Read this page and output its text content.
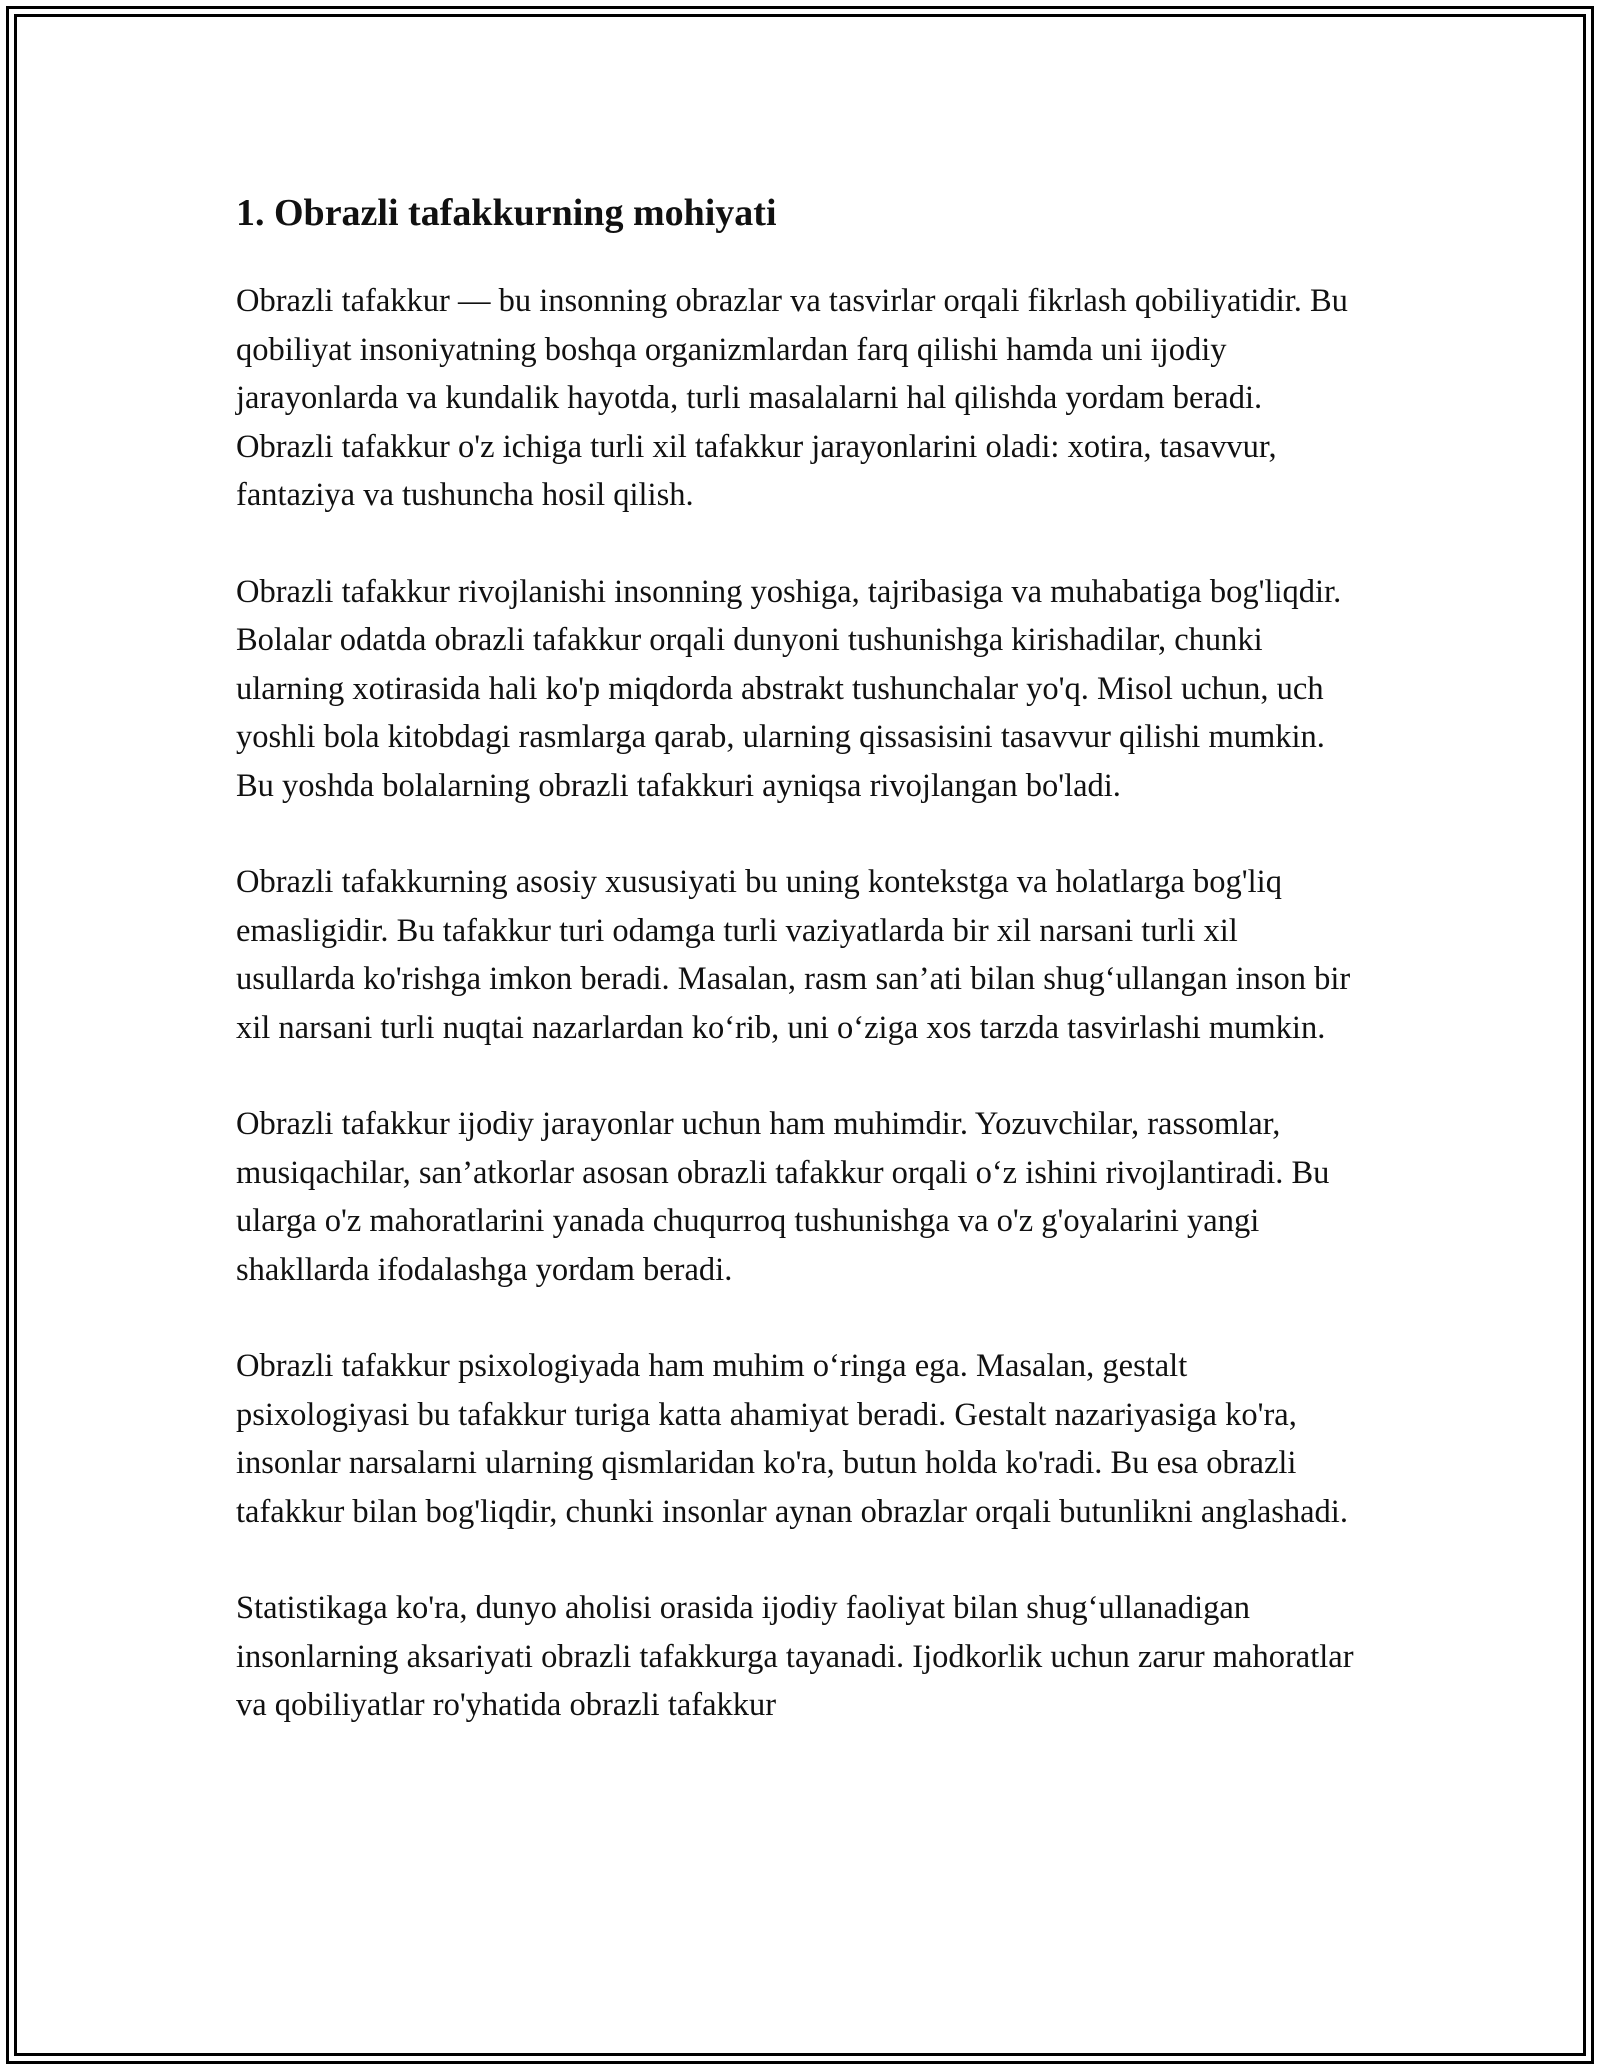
1. Obrazli tafakkurning mohiyati

Obrazli tafakkur — bu insonning obrazlar va tasvirlar orqali fikrlash qobiliyatidir. Bu qobiliyat insoniyatning boshqa organizmlardan farq qilishi hamda uni ijodiy jarayonlarda va kundalik hayotda, turli masalalarni hal qilishda yordam beradi. Obrazli tafakkur o'z ichiga turli xil tafakkur jarayonlarini oladi: xotira, tasavvur, fantaziya va tushuncha hosil qilish.

Obrazli tafakkur rivojlanishi insonning yoshiga, tajribasiga va muhabatiga bog'liqdir. Bolalar odatda obrazli tafakkur orqali dunyoni tushunishga kirishadilar, chunki ularning xotirasida hali ko'p miqdorda abstrakt tushunchalar yo'q. Misol uchun, uch yoshli bola kitobdagi rasmlarga qarab, ularning qissasisini tasavvur qilishi mumkin. Bu yoshda bolalarning obrazli tafakkuri ayniqsa rivojlangan bo'ladi.

Obrazli tafakkurning asosiy xususiyati bu uning kontekstga va holatlarga bog'liq emasligidir. Bu tafakkur turi odamga turli vaziyatlarda bir xil narsani turli xil usullarda ko'rishga imkon beradi. Masalan, rasm san’ati bilan shug‘ullangan inson bir xil narsani turli nuqtai nazarlardan ko‘rib, uni o‘ziga xos tarzda tasvirlashi mumkin.

Obrazli tafakkur ijodiy jarayonlar uchun ham muhimdir. Yozuvchilar, rassomlar, musiqachilar, san’atkorlar asosan obrazli tafakkur orqali o‘z ishini rivojlantiradi. Bu ularga o'z mahoratlarini yanada chuqurroq tushunishga va o'z g'oyalarini yangi shakllarda ifodalashga yordam beradi.

Obrazli tafakkur psixologiyada ham muhim o‘ringa ega. Masalan, gestalt psixologiyasi bu tafakkur turiga katta ahamiyat beradi. Gestalt nazariyasiga ko'ra, insonlar narsalarni ularning qismlaridan ko'ra, butun holda ko'radi. Bu esa obrazli tafakkur bilan bog'liqdir, chunki insonlar aynan obrazlar orqali butunlikni anglashadi.

Statistikaga ko'ra, dunyo aholisi orasida ijodiy faoliyat bilan shug‘ullanadigan insonlarning aksariyati obrazli tafakkurga tayanadi. Ijodkorlik uchun zarur mahoratlar va qobiliyatlar ro'yhatida obrazli tafakkur
